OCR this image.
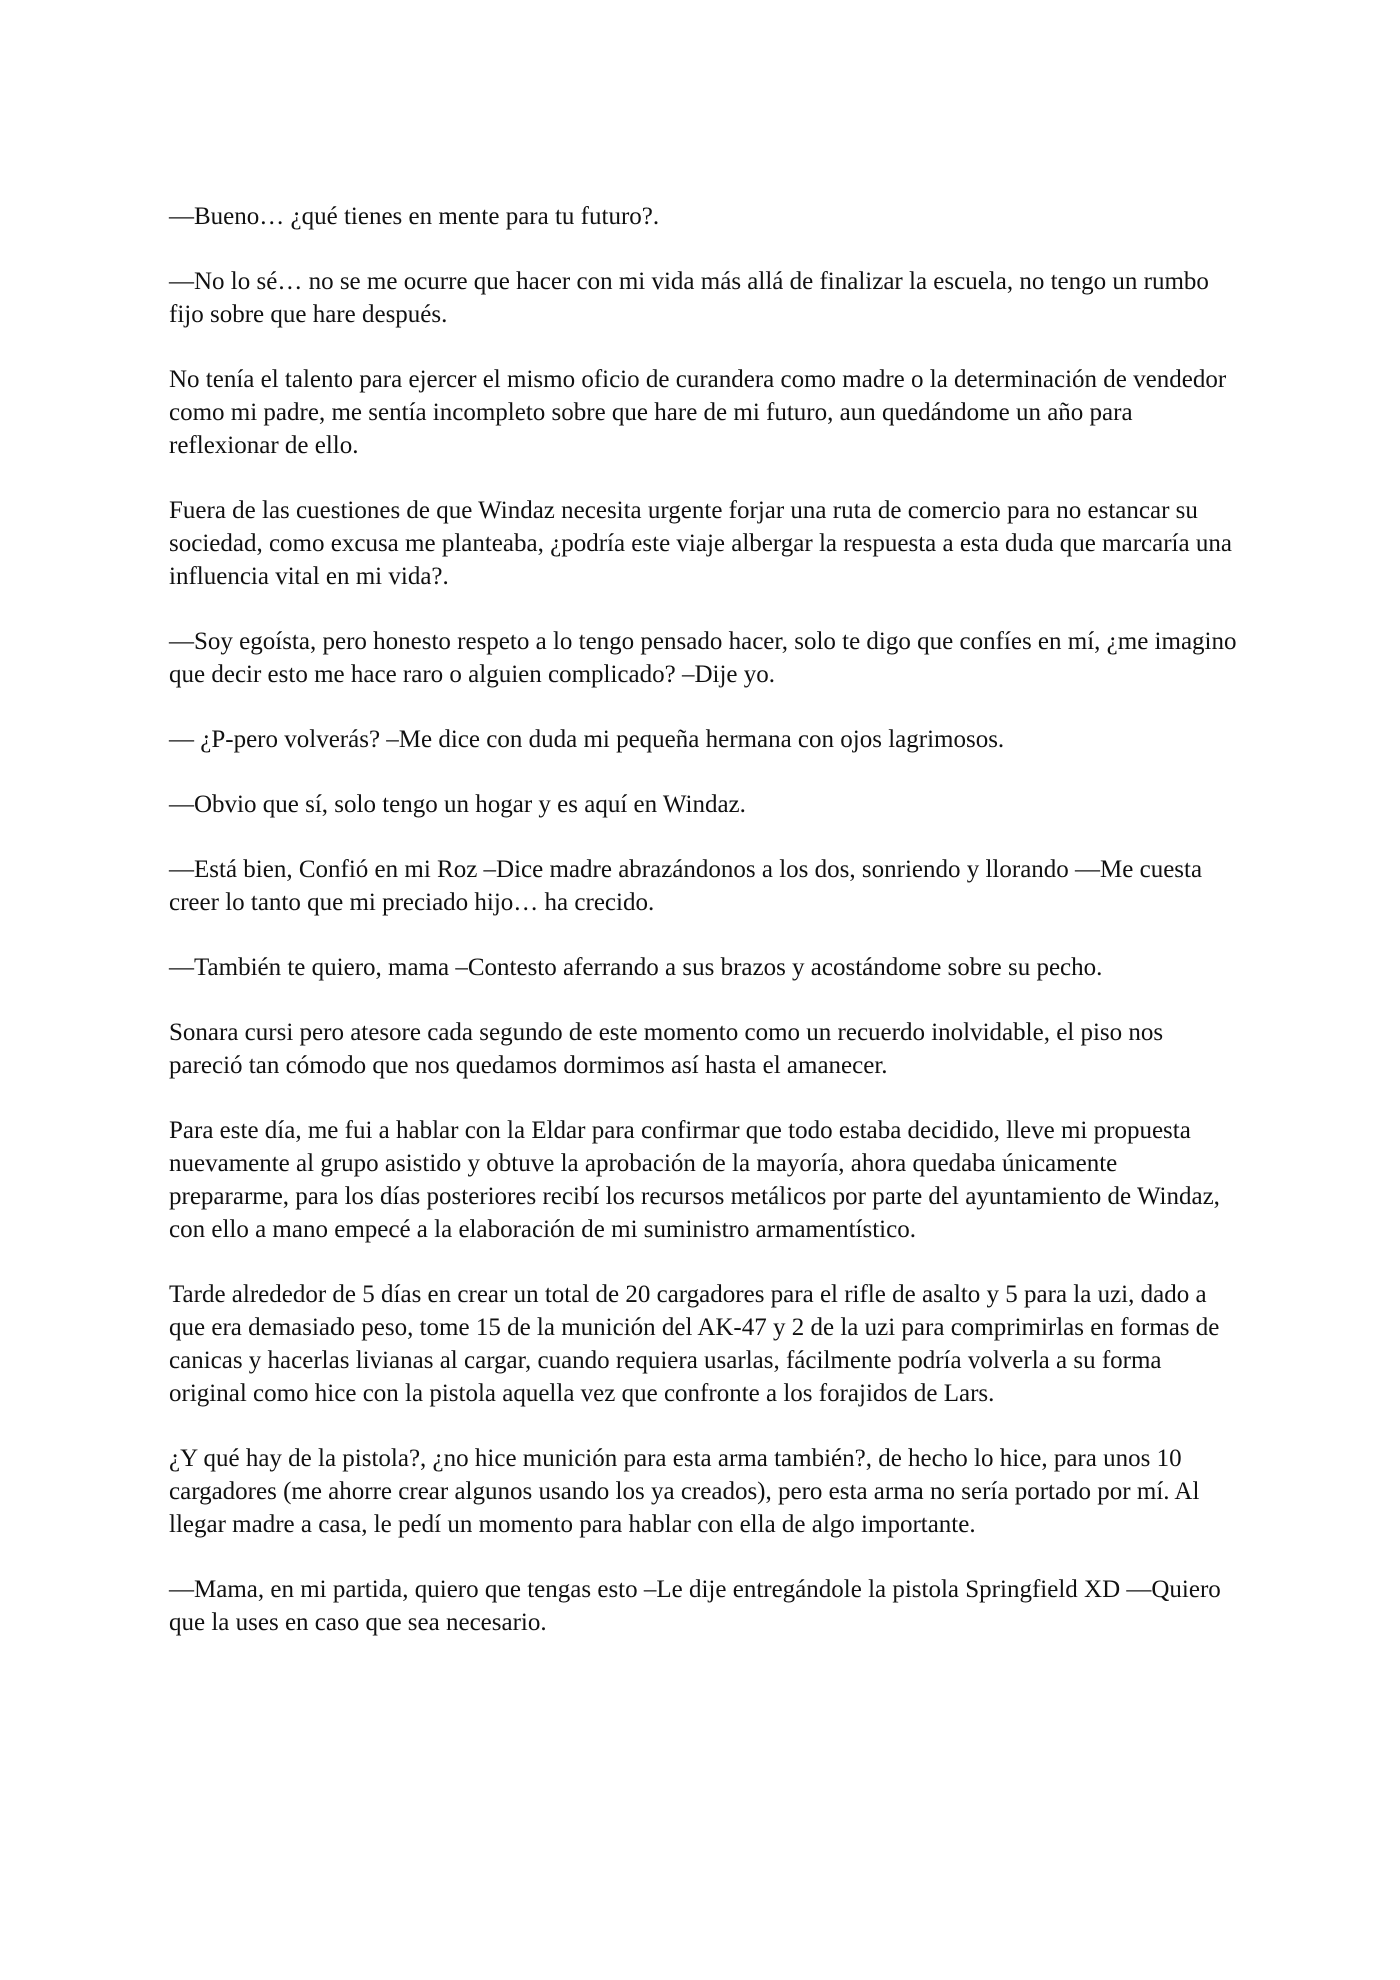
—Bueno… ¿qué tienes en mente para tu futuro?.

—No lo sé… no se me ocurre que hacer con mi vida más allá de finalizar la escuela, no tengo un rumbo fijo sobre que hare después.

No tenía el talento para ejercer el mismo oficio de curandera como madre o la determinación de vendedor como mi padre, me sentía incompleto sobre que hare de mi futuro, aun quedándome un año para reflexionar de ello.

Fuera de las cuestiones de que Windaz necesita urgente forjar una ruta de comercio para no estancar su sociedad, como excusa me planteaba, ¿podría este viaje albergar la respuesta a esta duda que marcaría una influencia vital en mi vida?.

—Soy egoísta, pero honesto respeto a lo tengo pensado hacer, solo te digo que confíes en mí, ¿me imagino que decir esto me hace raro o alguien complicado? –Dije yo.

— ¿P-pero volverás? –Me dice con duda mi pequeña hermana con ojos lagrimosos.

—Obvio que sí, solo tengo un hogar y es aquí en Windaz.

—Está bien, Confió en mi Roz –Dice madre abrazándonos a los dos, sonriendo y llorando —Me cuesta creer lo tanto que mi preciado hijo… ha crecido.

—También te quiero, mama –Contesto aferrando a sus brazos y acostándome sobre su pecho.

Sonara cursi pero atesore cada segundo de este momento como un recuerdo inolvidable, el piso nos pareció tan cómodo que nos quedamos dormimos así hasta el amanecer.

Para este día, me fui a hablar con la Eldar para confirmar que todo estaba decidido, lleve mi propuesta nuevamente al grupo asistido y obtuve la aprobación de la mayoría, ahora quedaba únicamente prepararme, para los días posteriores recibí los recursos metálicos por parte del ayuntamiento de Windaz, con ello a mano empecé a la elaboración de mi suministro armamentístico.

Tarde alrededor de 5 días en crear un total de 20 cargadores para el rifle de asalto y 5 para la uzi, dado a que era demasiado peso, tome 15 de la munición del AK-47 y 2 de la uzi para comprimirlas en formas de canicas y hacerlas livianas al cargar, cuando requiera usarlas, fácilmente podría volverla a su forma original como hice con la pistola aquella vez que confronte a los forajidos de Lars.

¿Y qué hay de la pistola?, ¿no hice munición para esta arma también?, de hecho lo hice, para unos 10 cargadores (me ahorre crear algunos usando los ya creados), pero esta arma no sería portado por mí. Al llegar madre a casa, le pedí un momento para hablar con ella de algo importante.

—Mama, en mi partida, quiero que tengas esto –Le dije entregándole la pistola Springfield XD —Quiero que la uses en caso que sea necesario.
